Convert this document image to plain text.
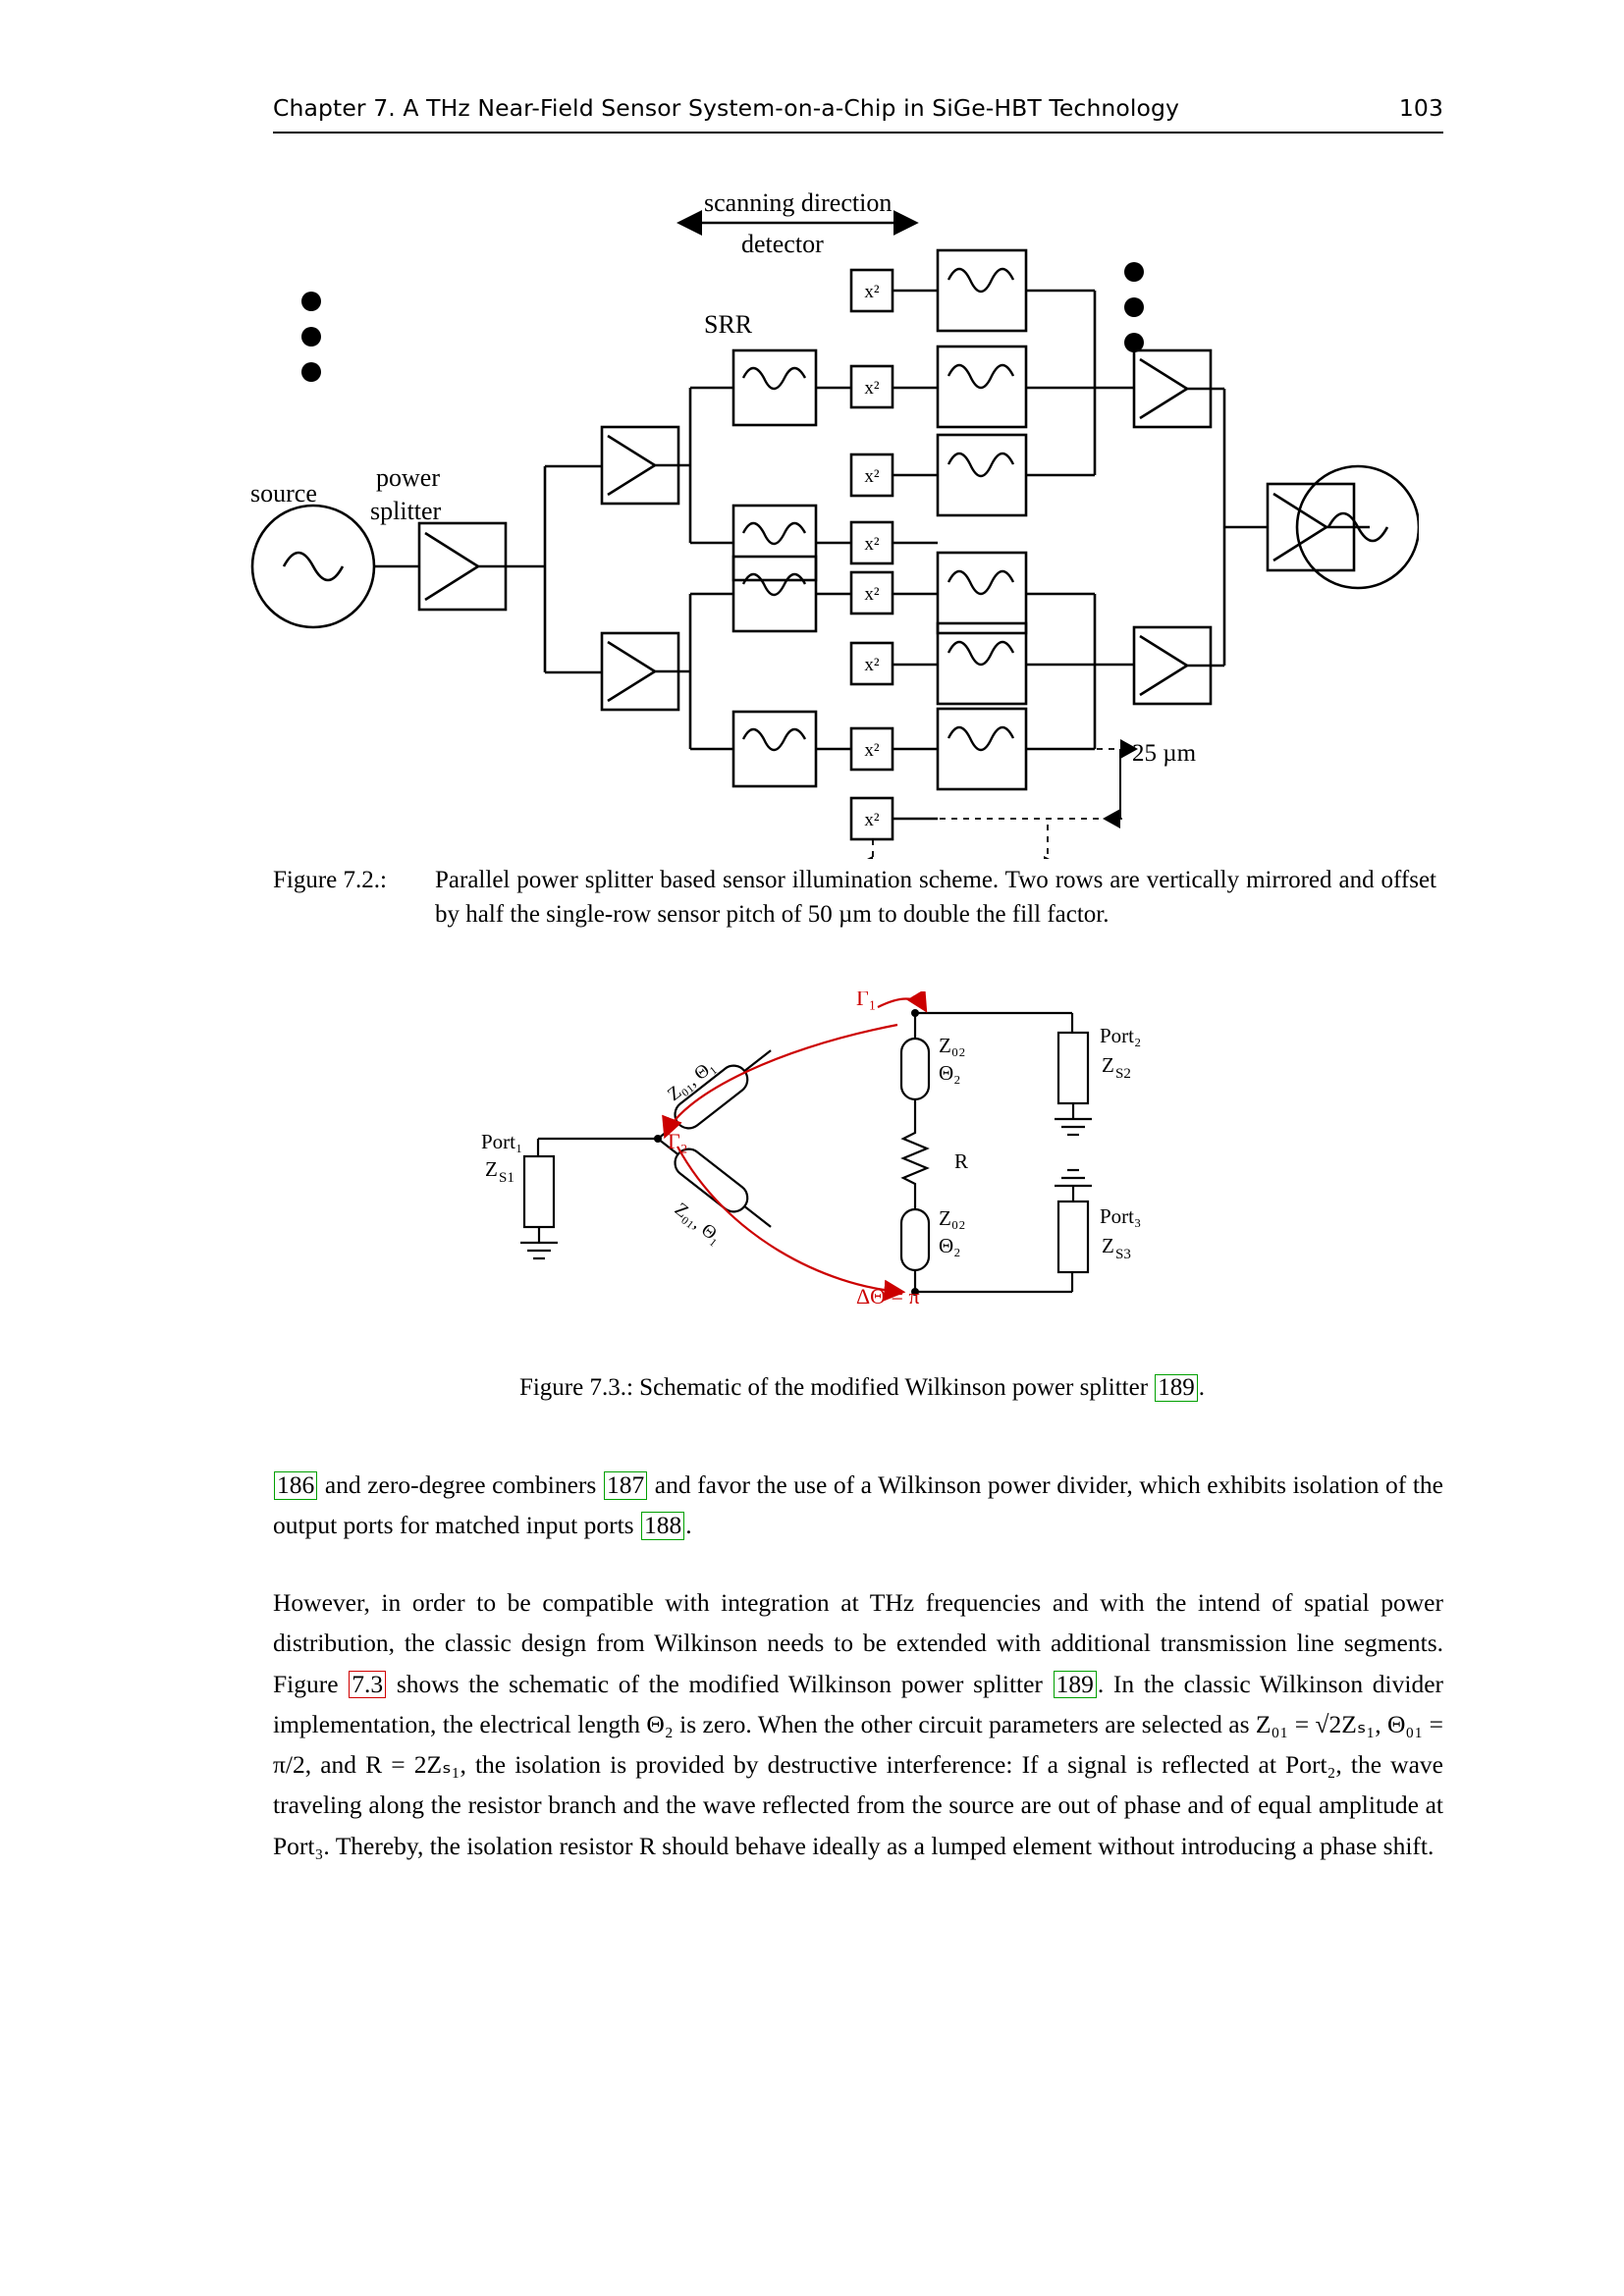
Chapter 7. A THz Near-Field Sensor System-on-a-Chip in SiGe-HBT Technology	103
scanning direction
detector
SRR
source
power
splitter
25 µm
x²
x²
x²
x²
x²
x²
x²
x²
Figure 7.2.: Parallel power splitter based sensor illumination scheme. Two rows are vertically mirrored and offset by half the single-row sensor pitch of 50 µm to double the fill factor.
Port₁
Z S1
Port₂
Z S2
Port₃
Z S3
Z₀₂
Θ₂
Z₀₂
Θ₂
R
Z₀₁, Θ₁
Z₀₁, Θ₁
Γ₁
Γ₂
ΔΘ = π
Figure 7.3.: Schematic of the modified Wilkinson power splitter 189 .
186 and zero-degree combiners 187 and favor the use of a Wilkinson power divider, which exhibits isolation of the output ports for matched input ports 188 .
However, in order to be compatible with integration at THz frequencies and with the intend of spatial power distribution, the classic design from Wilkinson needs to be extended with additional transmission line segments. Figure 7.3 shows the schematic of the modified Wilkinson power splitter 189 . In the classic Wilkinson divider implementation, the electrical length Θ₂ is zero. When the other circuit parameters are selected as Z₀₁ = √2Zₛ₁, Θ₀₁ = π/2, and R = 2Zₛ₁, the isolation is provided by destructive interference: If a signal is reflected at Port₂, the wave traveling along the resistor branch and the wave reflected from the source are out of phase and of equal amplitude at Port₃. Thereby, the isolation resistor R should behave ideally as a lumped element without introducing a phase shift.
